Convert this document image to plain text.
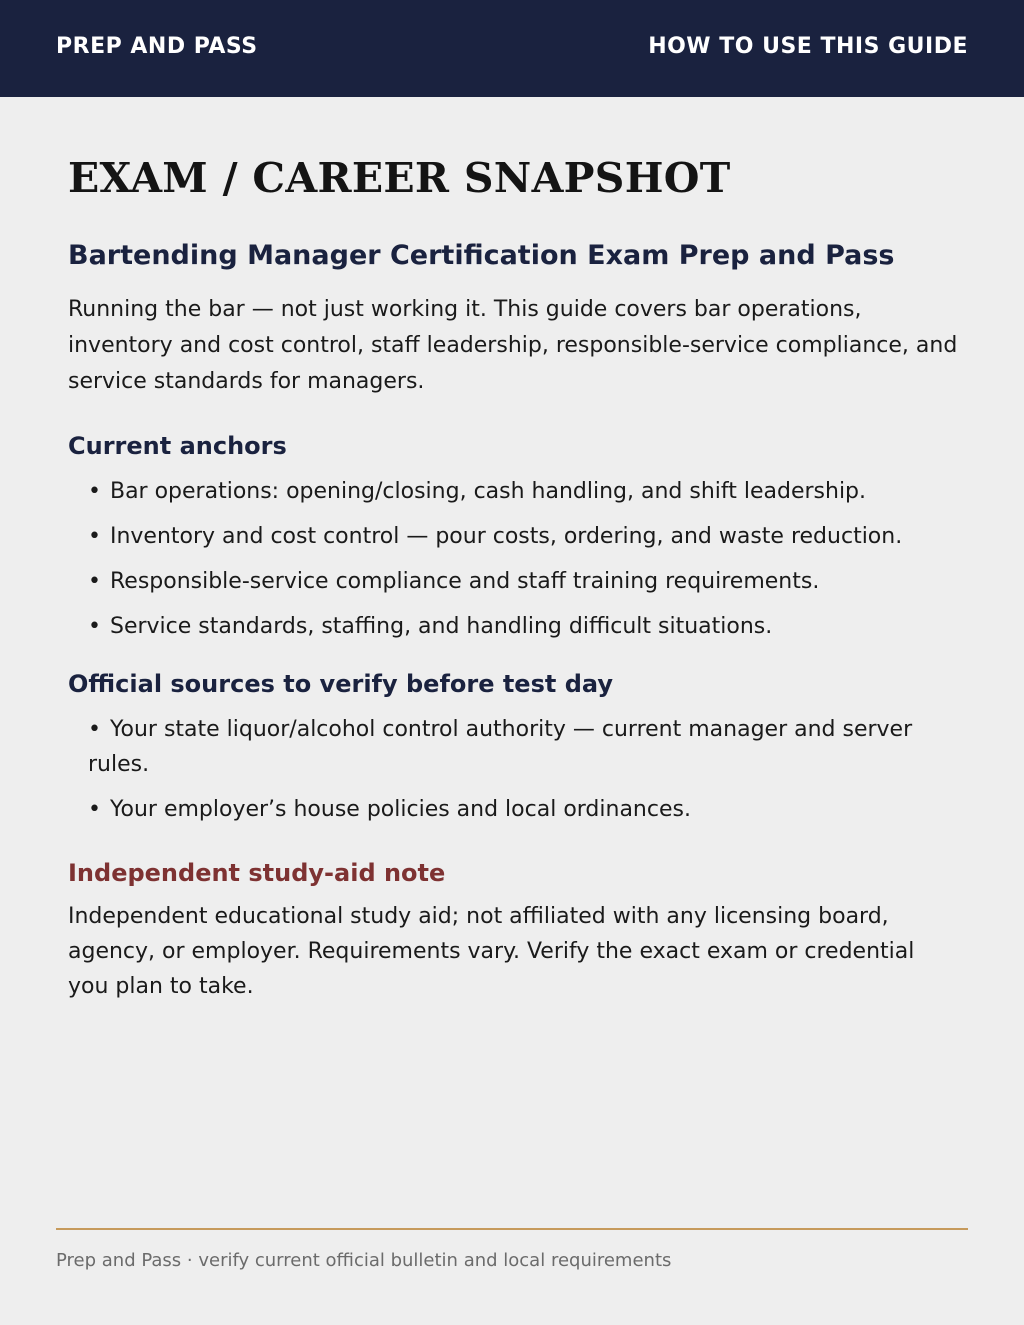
PREP AND PASS	HOW TO USE THIS GUIDE
EXAM / CAREER SNAPSHOT
Bartending Manager Certification Exam Prep and Pass

Running the bar — not just working it. This guide covers bar operations, inventory and cost control, staff leadership, responsible-service compliance, and service standards for managers.

Current anchors
• Bar operations: opening/closing, cash handling, and shift leadership.
• Inventory and cost control — pour costs, ordering, and waste reduction.
• Responsible-service compliance and staff training requirements.
• Service standards, staffing, and handling difficult situations.
Official sources to verify before test day
• Your state liquor/alcohol control authority — current manager and server rules.
• Your employer’s house policies and local ordinances.
Independent study-aid note

Independent educational study aid; not affiliated with any licensing board, agency, or employer. Requirements vary. Verify the exact exam or credential you plan to take.

Prep and Pass · verify current official bulletin and local requirements
